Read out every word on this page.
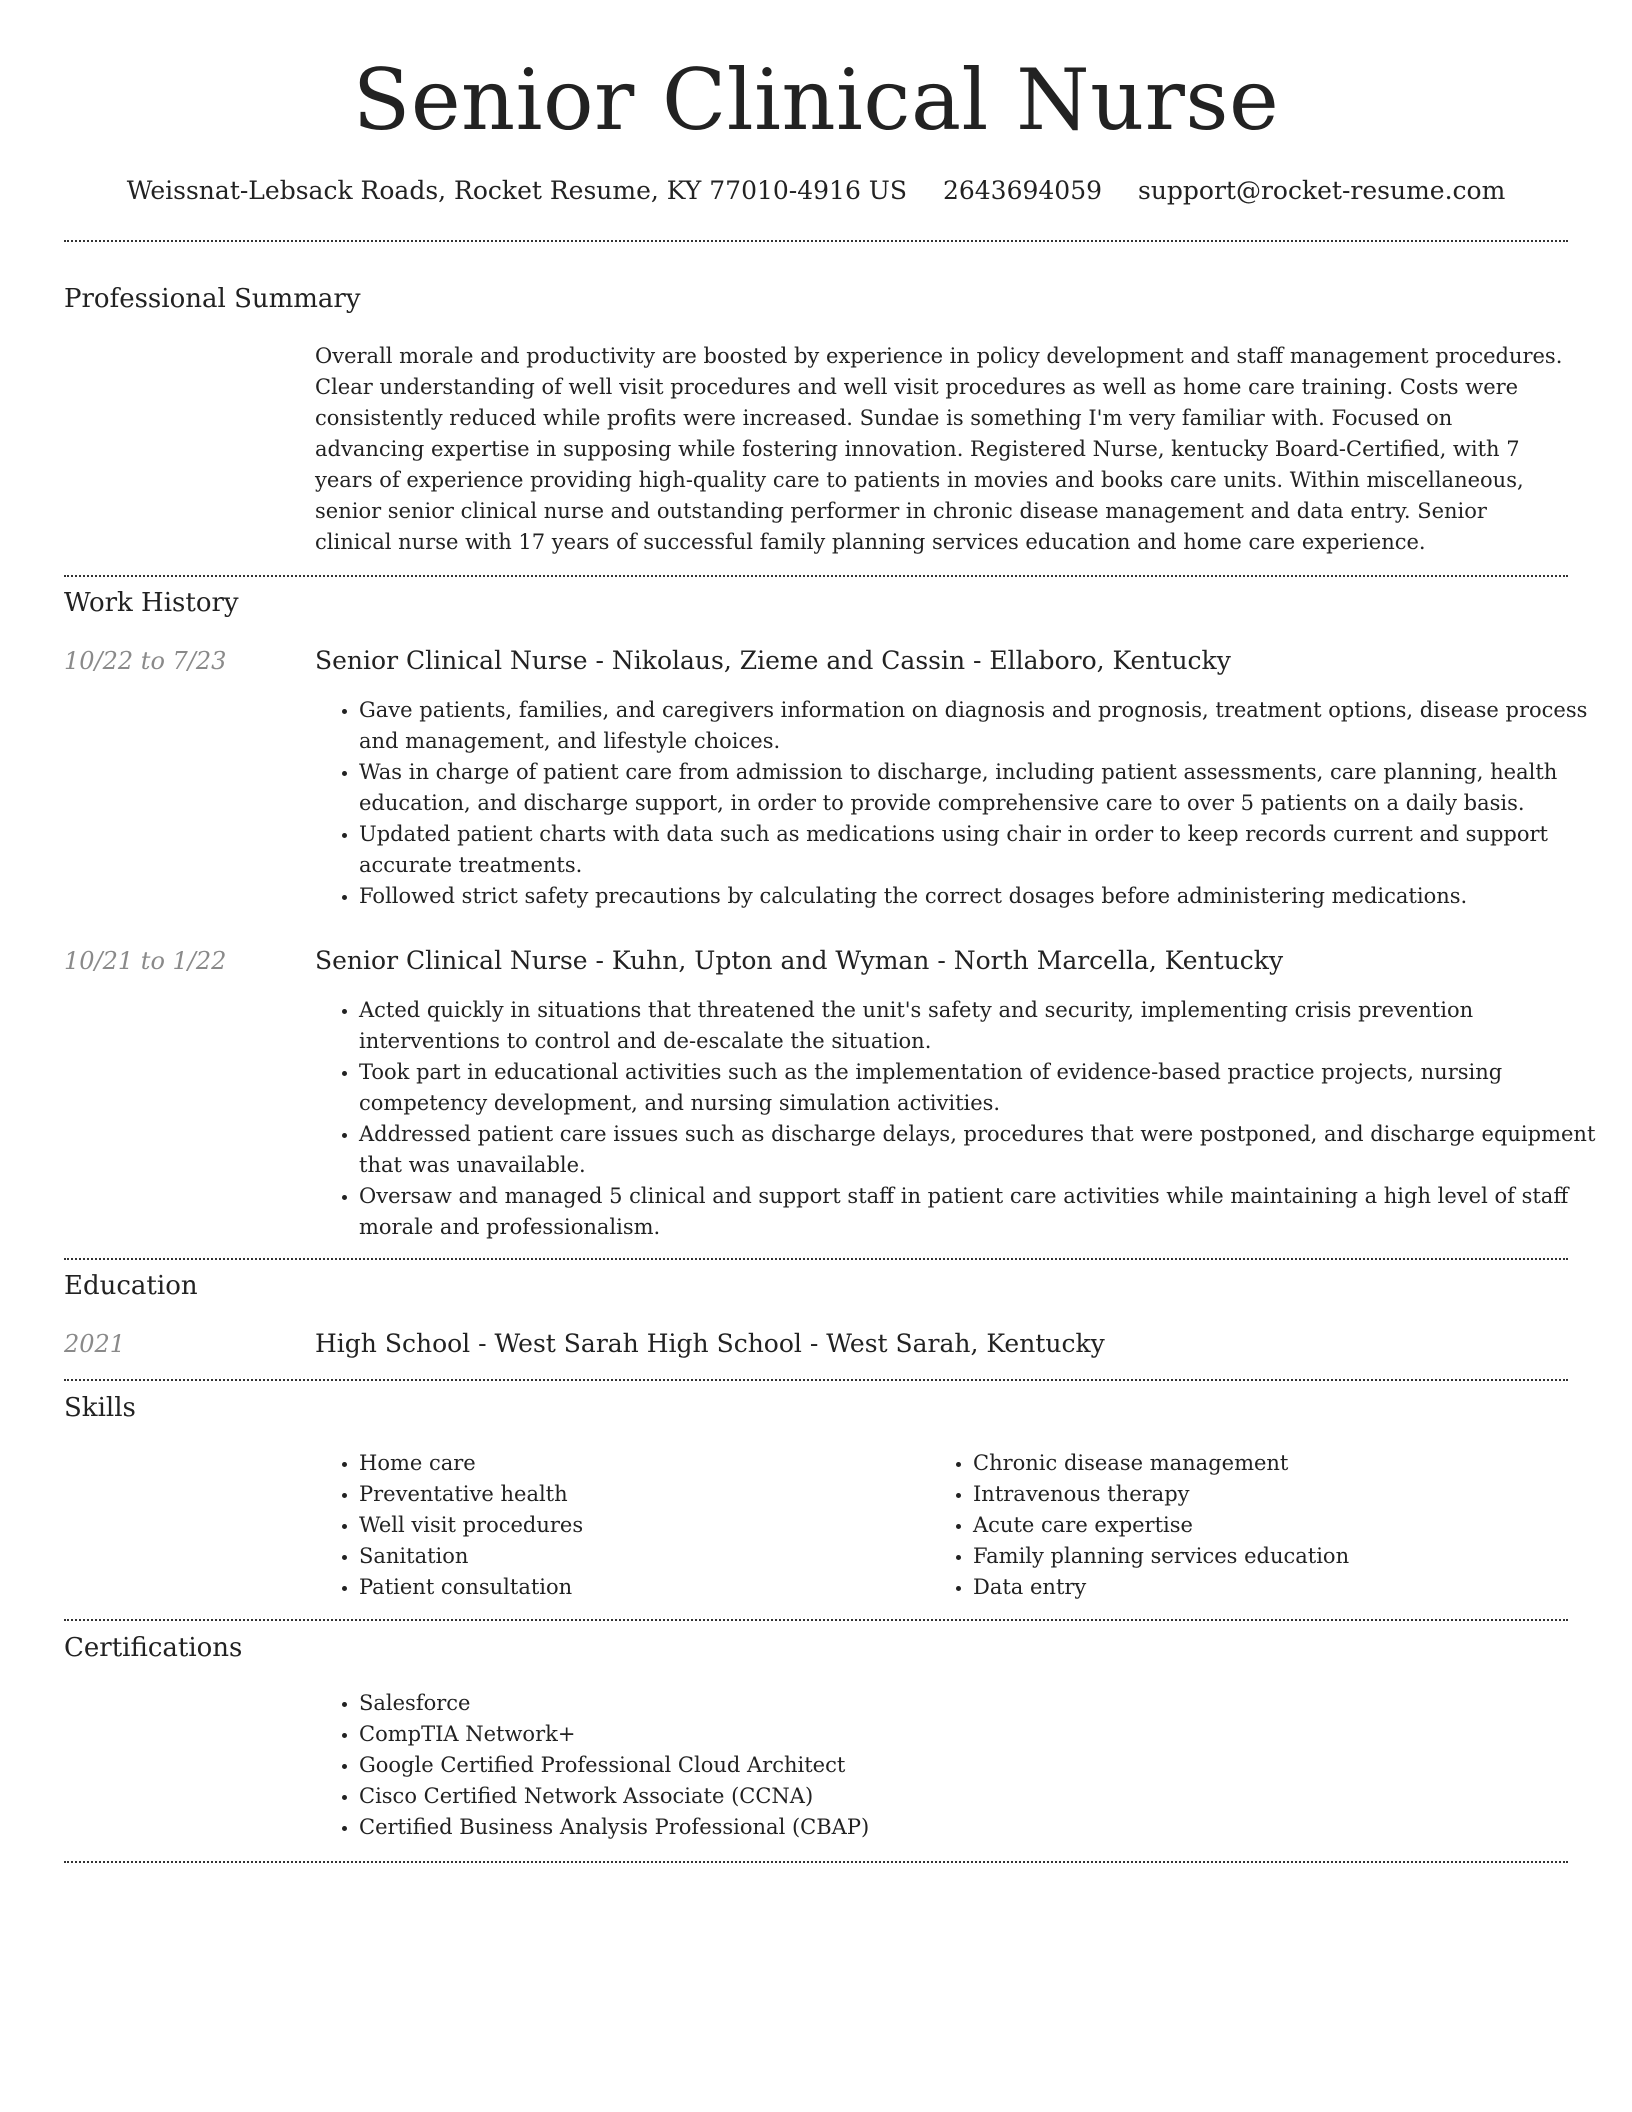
Senior Clinical Nurse
Weissnat-Lebsack Roads, Rocket Resume, KY 77010-4916 US 2643694059 support@rocket-resume.com
Professional Summary
Overall morale and productivity are boosted by experience in policy development and staff management procedures. Clear understanding of well visit procedures and well visit procedures as well as home care training. Costs were consistently reduced while profits were increased. Sundae is something I'm very familiar with. Focused on advancing expertise in supposing while fostering innovation. Registered Nurse, kentucky Board-Certified, with 7 years of experience providing high-quality care to patients in movies and books care units. Within miscellaneous, senior senior clinical nurse and outstanding performer in chronic disease management and data entry. Senior clinical nurse with 17 years of successful family planning services education and home care experience.
Work History
10/22 to 7/23	Senior Clinical Nurse - Nikolaus, Zieme and Cassin - Ellaboro, Kentucky
• Gave patients, families, and caregivers information on diagnosis and prognosis, treatment options, disease process and management, and lifestyle choices.
• Was in charge of patient care from admission to discharge, including patient assessments, care planning, health education, and discharge support, in order to provide comprehensive care to over 5 patients on a daily basis.
• Updated patient charts with data such as medications using chair in order to keep records current and support accurate treatments.
• Followed strict safety precautions by calculating the correct dosages before administering medications.
10/21 to 1/22	Senior Clinical Nurse - Kuhn, Upton and Wyman - North Marcella, Kentucky
• Acted quickly in situations that threatened the unit's safety and security, implementing crisis prevention interventions to control and de-escalate the situation.
• Took part in educational activities such as the implementation of evidence-based practice projects, nursing competency development, and nursing simulation activities.
• Addressed patient care issues such as discharge delays, procedures that were postponed, and discharge equipment that was unavailable.
• Oversaw and managed 5 clinical and support staff in patient care activities while maintaining a high level of staff morale and professionalism.
Education
2021	High School - West Sarah High School - West Sarah, Kentucky
Skills
• Home care
• Preventative health
• Well visit procedures
• Sanitation
• Patient consultation
• Chronic disease management
• Intravenous therapy
• Acute care expertise
• Family planning services education
• Data entry
Certifications
• Salesforce
• CompTIA Network+
• Google Certified Professional Cloud Architect
• Cisco Certified Network Associate (CCNA)
• Certified Business Analysis Professional (CBAP)
